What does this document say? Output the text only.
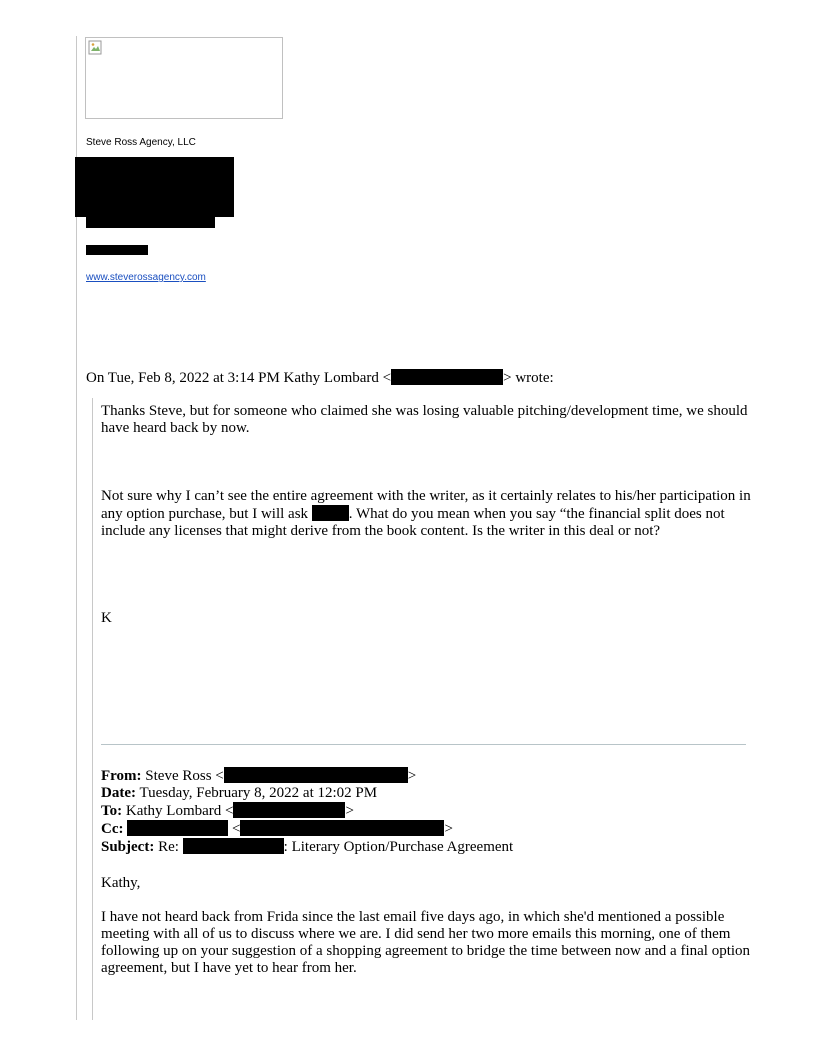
Steve Ross Agency, LLC
www.steverossagency.com
On Tue, Feb 8, 2022 at 3:14 PM Kathy Lombard <	> wrote:
Thanks Steve, but for someone who claimed she was losing valuable pitching/development time, we should have heard back by now.
Not sure why I can’t see the entire agreement with the writer, as it certainly relates to his/her participation in any option purchase, but I will ask	. What do you mean when you say “the financial split does not include any licenses that might derive from the book content. Is the writer in this deal or not?
K
From: Steve Ross <	>
Date: Tuesday, February 8, 2022 at 12:02 PM
To: Kathy Lombard <	>
Cc:	<	>
Subject: Re:	: Literary Option/Purchase Agreement
Kathy,
I have not heard back from Frida since the last email five days ago, in which she'd mentioned a possible meeting with all of us to discuss where we are. I did send her two more emails this morning, one of them following up on your suggestion of a shopping agreement to bridge the time between now and a final option agreement, but I have yet to hear from her.
